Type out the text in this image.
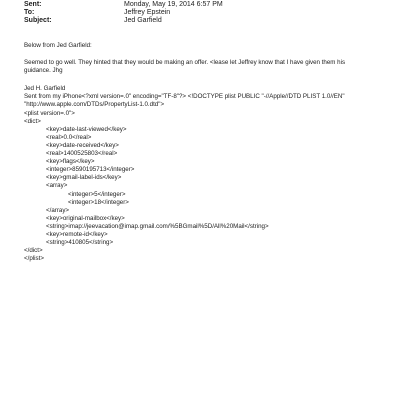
Sent:	Monday, May 19, 2014 6:57 PM
To:	Jeffrey Epstein
Subject:	Jed Garfield
Below from Jed Garfield:
Seemed to go well. They hinted that they would be making an offer. <lease let Jeffrey know that I have given them his
guidance. Jhg
Jed H. Garfield
Sent from my iPhone<?xml version=.0" encoding="TF-8"?> <!DOCTYPE plist PUBLIC "-//Apple//DTD PLIST 1.0//EN"
"http://www.apple.com/DTDs/PropertyList-1.0.dtd">
<plist version=.0">
<dict>
<key>date-last-viewed</key>
<real>0.0</real>
<key>date-received</key>
<real>1400525803</real>
<key>flags</key>
<integer>8590195713</integer>
<key>gmail-label-ids</key>
<array>
<integer>5</integer>
<integer>18</integer>
</array>
<key>original-mailbox</key>
<string>imap://jeevacation@imap.gmail.com/%5BGmail%5D/All%20Mail</string>
<key>remote-id</key>
<string>410805</string>
</dict>
</plist>
